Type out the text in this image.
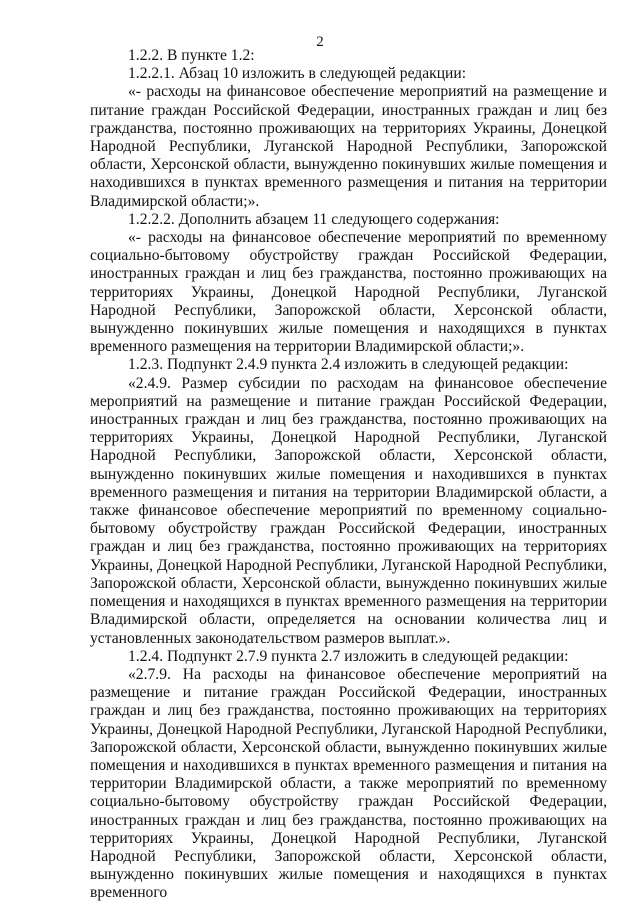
2

1.2.2. В пункте 1.2:

1.2.2.1. Абзац 10 изложить в следующей редакции:

«- расходы на финансовое обеспечение мероприятий на размещение и питание граждан Российской Федерации, иностранных граждан и лиц без гражданства, постоянно проживающих на территориях Украины, Донецкой Народной Республики, Луганской Народной Республики, Запорожской области, Херсонской области, вынужденно покинувших жилые помещения и находившихся в пунктах временного размещения и питания на территории Владимирской области;».

1.2.2.2. Дополнить абзацем 11 следующего содержания:

«- расходы на финансовое обеспечение мероприятий по временному социально-бытовому обустройству граждан Российской Федерации, иностранных граждан и лиц без гражданства, постоянно проживающих на территориях Украины, Донецкой Народной Республики, Луганской Народной Республики, Запорожской области, Херсонской области, вынужденно покинувших жилые помещения и находящихся в пунктах временного размещения на территории Владимирской области;».

1.2.3. Подпункт 2.4.9 пункта 2.4 изложить в следующей редакции:

«2.4.9. Размер субсидии по расходам на финансовое обеспечение мероприятий на размещение и питание граждан Российской Федерации, иностранных граждан и лиц без гражданства, постоянно проживающих на территориях Украины, Донецкой Народной Республики, Луганской Народной Республики, Запорожской области, Херсонской области, вынужденно покинувших жилые помещения и находившихся в пунктах временного размещения и питания на территории Владимирской области, а также финансовое обеспечение мероприятий по временному социально-бытовому обустройству граждан Российской Федерации, иностранных граждан и лиц без гражданства, постоянно проживающих на территориях Украины, Донецкой Народной Республики, Луганской Народной Республики, Запорожской области, Херсонской области, вынужденно покинувших жилые помещения и находящихся в пунктах временного размещения на территории Владимирской области, определяется на основании количества лиц и установленных законодательством размеров выплат.».

1.2.4. Подпункт 2.7.9 пункта 2.7 изложить в следующей редакции:

«2.7.9. На расходы на финансовое обеспечение мероприятий на размещение и питание граждан Российской Федерации, иностранных граждан и лиц без гражданства, постоянно проживающих на территориях Украины, Донецкой Народной Республики, Луганской Народной Республики, Запорожской области, Херсонской области, вынужденно покинувших жилые помещения и находившихся в пунктах временного размещения и питания на территории Владимирской области, а также мероприятий по временному социально-бытовому обустройству граждан Российской Федерации, иностранных граждан и лиц без гражданства, постоянно проживающих на территориях Украины, Донецкой Народной Республики, Луганской Народной Республики, Запорожской области, Херсонской области, вынужденно покинувших жилые помещения и находящихся в пунктах временного
